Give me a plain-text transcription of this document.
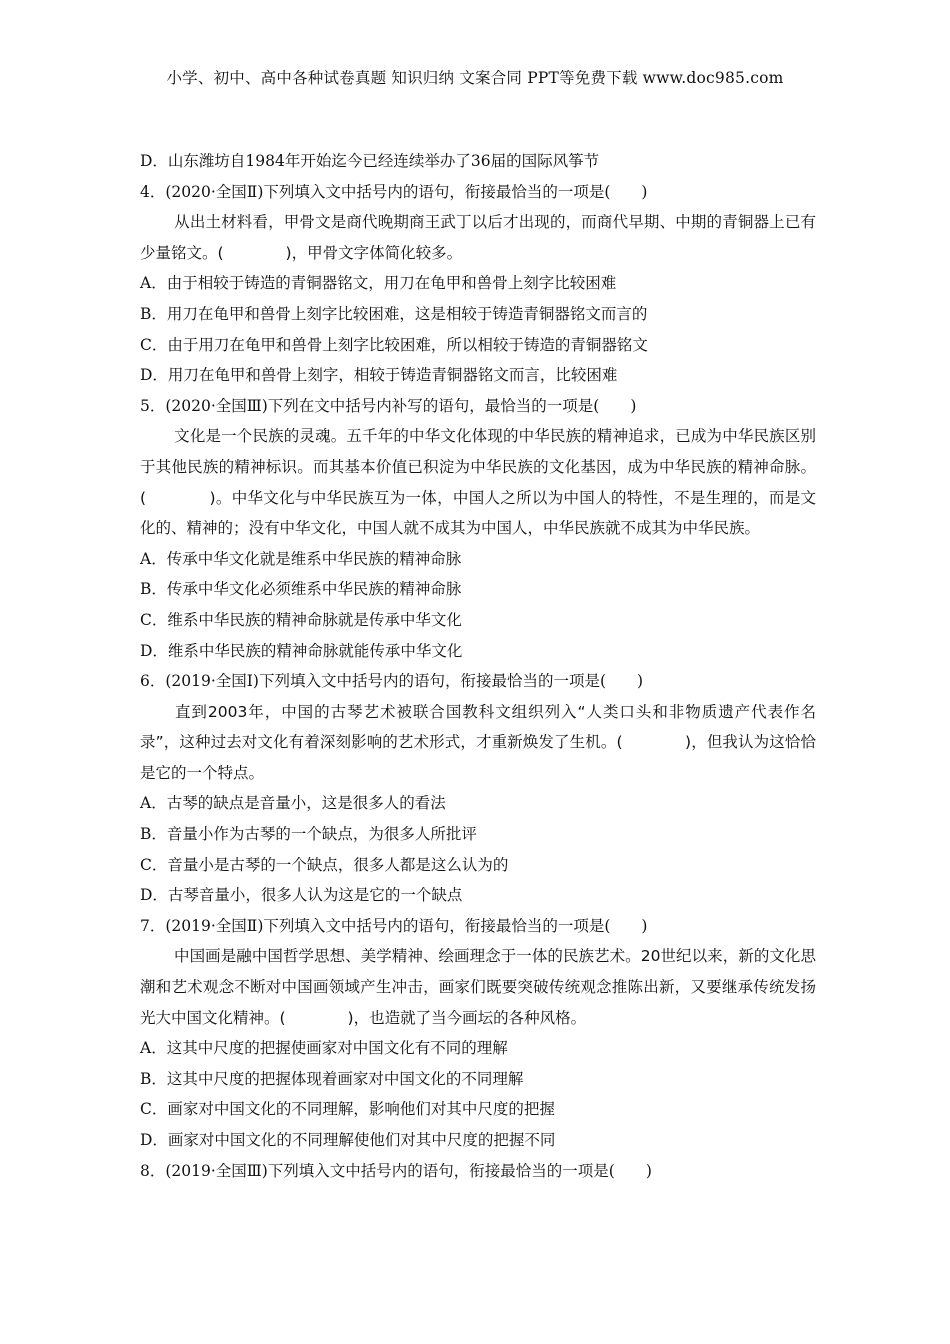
小学、初中、高中各种试卷真题 知识归纳 文案合同 PPT等免费下载 www.doc985.com
D．山东潍坊自1984年开始迄今已经连续举办了36届的国际风筝节
4．(2020·全国Ⅱ)下列填入文中括号内的语句，衔接最恰当的一项是(　　)
从出土材料看，甲骨文是商代晚期商王武丁以后才出现的，而商代早期、中期的青铜器上已有少量铭文。(　　　　)，甲骨文字体简化较多。
A．由于相较于铸造的青铜器铭文，用刀在龟甲和兽骨上刻字比较困难
B．用刀在龟甲和兽骨上刻字比较困难，这是相较于铸造青铜器铭文而言的
C．由于用刀在龟甲和兽骨上刻字比较困难，所以相较于铸造的青铜器铭文
D．用刀在龟甲和兽骨上刻字，相较于铸造青铜器铭文而言，比较困难
5．(2020·全国Ⅲ)下列在文中括号内补写的语句，最恰当的一项是(　　)
文化是一个民族的灵魂。五千年的中华文化体现的中华民族的精神追求，已成为中华民族区别于其他民族的精神标识。而其基本价值已积淀为中华民族的文化基因，成为中华民族的精神命脉。(　　　　)。中华文化与中华民族互为一体，中国人之所以为中国人的特性，不是生理的，而是文化的、精神的；没有中华文化，中国人就不成其为中国人，中华民族就不成其为中华民族。
A．传承中华文化就是维系中华民族的精神命脉
B．传承中华文化必须维系中华民族的精神命脉
C．维系中华民族的精神命脉就是传承中华文化
D．维系中华民族的精神命脉就能传承中华文化
6．(2019·全国Ⅰ)下列填入文中括号内的语句，衔接最恰当的一项是(　　)
直到2003年，中国的古琴艺术被联合国教科文组织列入“人类口头和非物质遗产代表作名录”，这种过去对文化有着深刻影响的艺术形式，才重新焕发了生机。(　　　　)，但我认为这恰恰是它的一个特点。
A．古琴的缺点是音量小，这是很多人的看法
B．音量小作为古琴的一个缺点，为很多人所批评
C．音量小是古琴的一个缺点，很多人都是这么认为的
D．古琴音量小，很多人认为这是它的一个缺点
7．(2019·全国Ⅱ)下列填入文中括号内的语句，衔接最恰当的一项是(　　)
中国画是融中国哲学思想、美学精神、绘画理念于一体的民族艺术。20世纪以来，新的文化思潮和艺术观念不断对中国画领域产生冲击，画家们既要突破传统观念推陈出新，又要继承传统发扬光大中国文化精神。(　　　　)，也造就了当今画坛的各种风格。
A．这其中尺度的把握使画家对中国文化有不同的理解
B．这其中尺度的把握体现着画家对中国文化的不同理解
C．画家对中国文化的不同理解，影响他们对其中尺度的把握
D．画家对中国文化的不同理解使他们对其中尺度的把握不同
8．(2019·全国Ⅲ)下列填入文中括号内的语句，衔接最恰当的一项是(　　)
